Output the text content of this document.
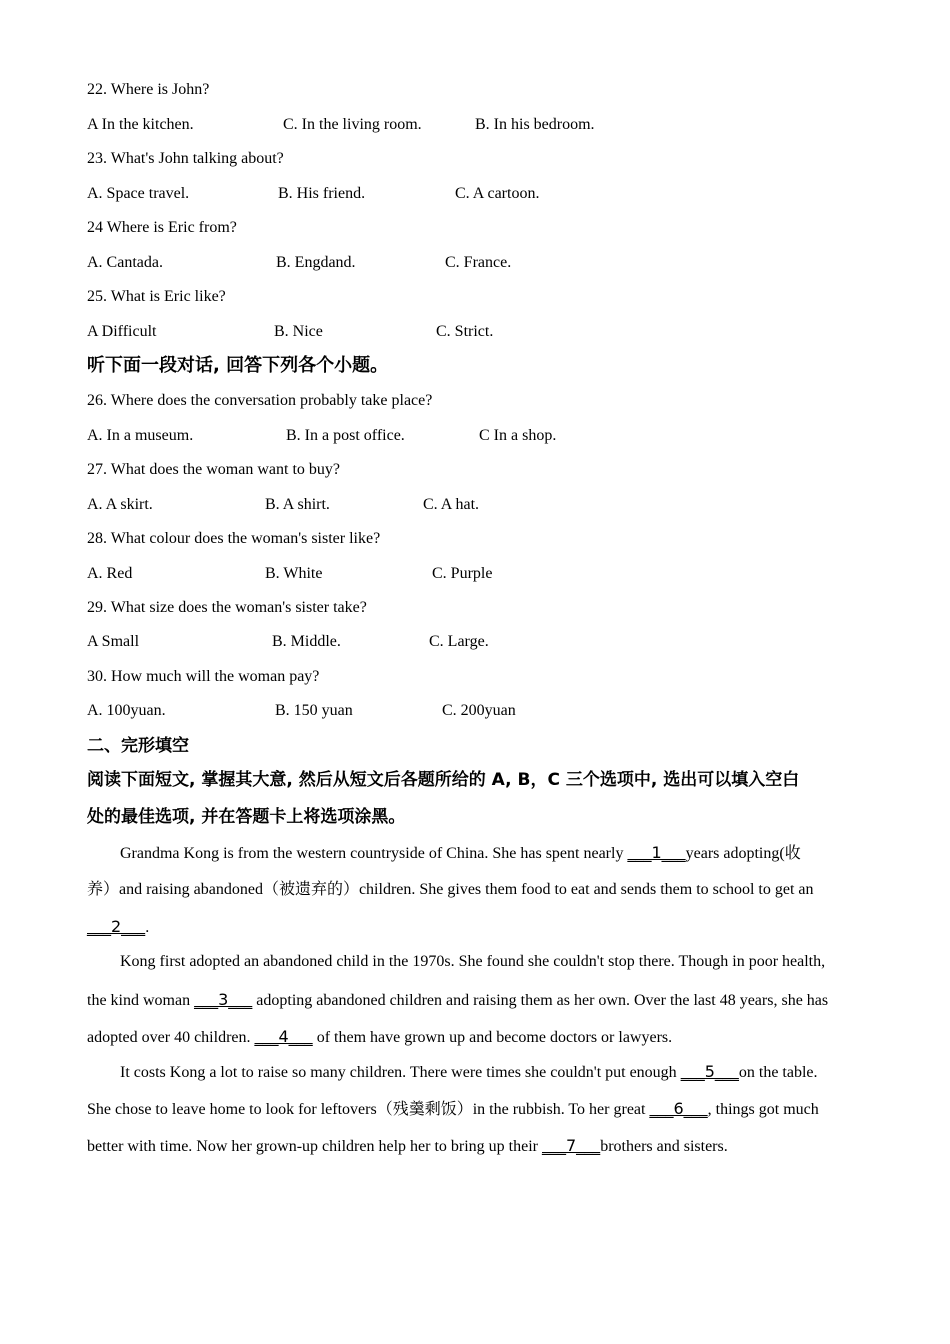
22. Where is John?
A In the kitchen.	C. In the living room.	B. In his bedroom.
23. What's John talking about?
A. Space travel.	B. His friend.	C. A cartoon.
24 Where is Eric from?
A. Cantada.	B. Engdand.	C. France.
25. What is Eric like?
A Difficult	B. Nice	C. Strict.
听下面一段对话, 回答下列各个小题。
26. Where does the conversation probably take place?
A. In a museum.	B. In a post office.	C In a shop.
27. What does the woman want to buy?
A. A skirt.	B. A shirt.	C. A hat.
28. What colour does the woman's sister like?
A. Red	B. White	C. Purple
29. What size does the woman's sister take?
A Small	B. Middle.	C. Large.
30. How much will the woman pay?
A. 100yuan.	B. 150 yuan	C. 200yuan
二、完形填空
阅读下面短文, 掌握其大意, 然后从短文后各题所给的 A, B，C 三个选项中, 选出可以填入空白
处的最佳选项, 并在答题卡上将选项涂黑。
Grandma Kong is from the western countryside of China. She has spent nearly ___1___years adopting(收
养）and raising abandoned（被遗弃的）children. She gives them food to eat and sends them to school to get an
___2___.
Kong first adopted an abandoned child in the 1970s. She found she couldn't stop there. Though in poor health,
the kind woman ___3___ adopting abandoned children and raising them as her own. Over the last 48 years, she has
adopted over 40 children. ___4___ of them have grown up and become doctors or lawyers.
It costs Kong a lot to raise so many children. There were times she couldn't put enough ___5___on the table.
She chose to leave home to look for leftovers（残羹剩饭）in the rubbish. To her great ___6___, things got much
better with time. Now her grown-up children help her to bring up their ___7___brothers and sisters.
